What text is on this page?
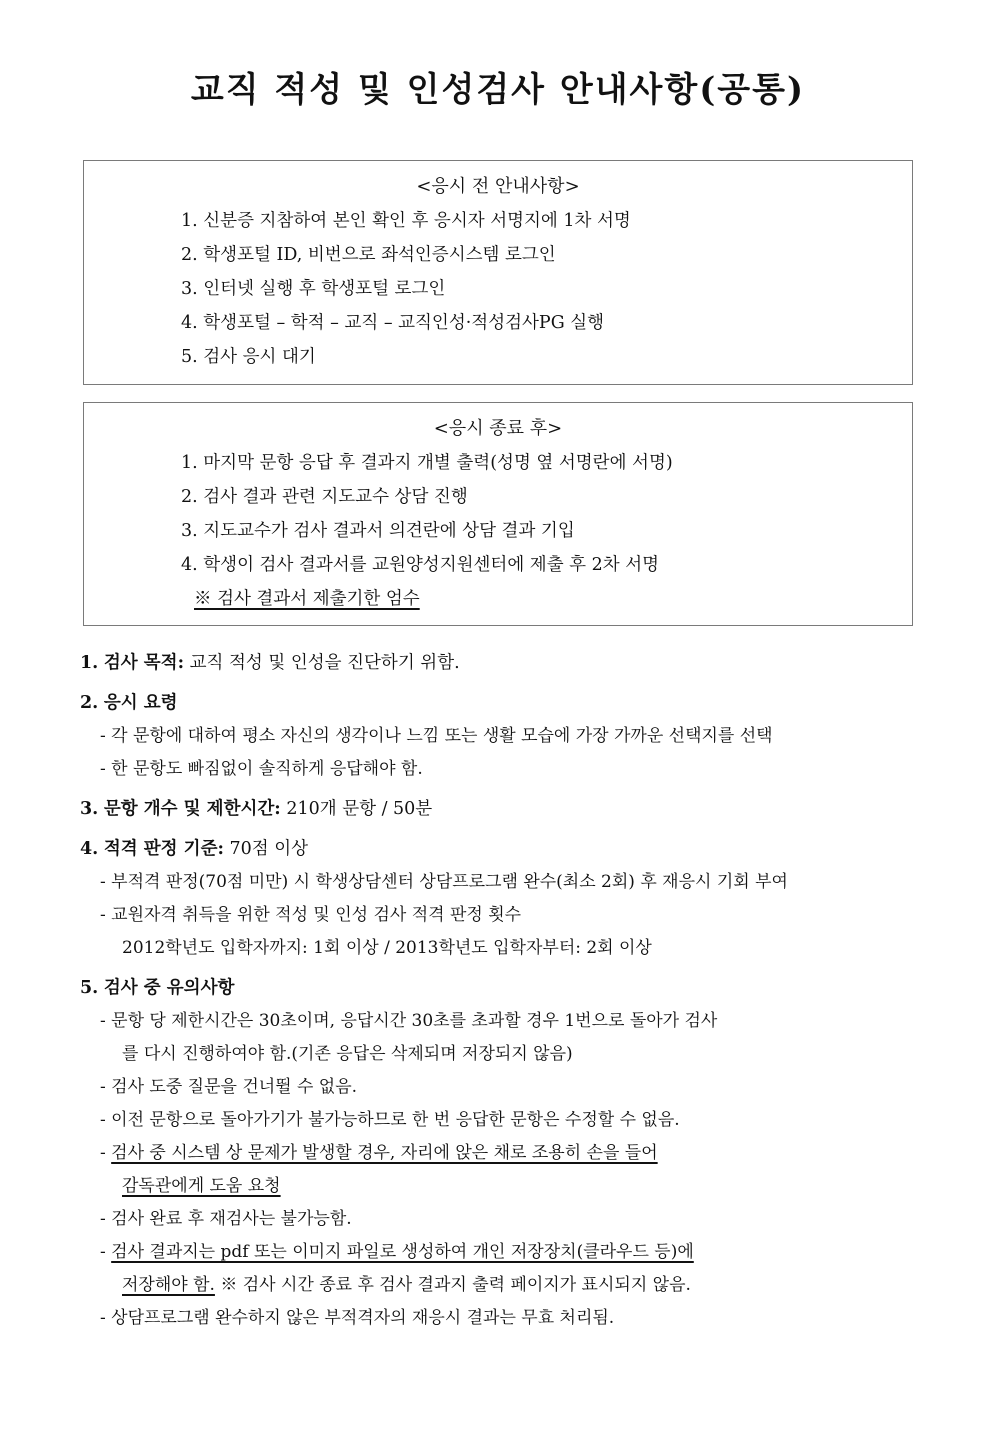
교직 적성 및 인성검사 안내사항(공통)
<응시 전 안내사항>
1. 신분증 지참하여 본인 확인 후 응시자 서명지에 1차 서명
2. 학생포털 ID, 비번으로 좌석인증시스템 로그인
3. 인터넷 실행 후 학생포털 로그인
4. 학생포털 – 학적 – 교직 – 교직인성·적성검사PG 실행
5. 검사 응시 대기
<응시 종료 후>
1. 마지막 문항 응답 후 결과지 개별 출력(성명 옆 서명란에 서명)
2. 검사 결과 관련 지도교수 상담 진행
3. 지도교수가 검사 결과서 의견란에 상담 결과 기입
4. 학생이 검사 결과서를 교원양성지원센터에 제출 후 2차 서명
※ 검사 결과서 제출기한 엄수
1. 검사 목적: 교직 적성 및 인성을 진단하기 위함.
2. 응시 요령
- 각 문항에 대하여 평소 자신의 생각이나 느낌 또는 생활 모습에 가장 가까운 선택지를 선택
- 한 문항도 빠짐없이 솔직하게 응답해야 함.
3. 문항 개수 및 제한시간: 210개 문항 / 50분
4. 적격 판정 기준: 70점 이상
- 부적격 판정(70점 미만) 시 학생상담센터 상담프로그램 완수(최소 2회) 후 재응시 기회 부여
- 교원자격 취득을 위한 적성 및 인성 검사 적격 판정 횟수
2012학년도 입학자까지: 1회 이상 / 2013학년도 입학자부터: 2회 이상
5. 검사 중 유의사항
- 문항 당 제한시간은 30초이며, 응답시간 30초를 초과할 경우 1번으로 돌아가 검사
를 다시 진행하여야 함.(기존 응답은 삭제되며 저장되지 않음)
- 검사 도중 질문을 건너뛸 수 없음.
- 이전 문항으로 돌아가기가 불가능하므로 한 번 응답한 문항은 수정할 수 없음.
- 검사 중 시스템 상 문제가 발생할 경우, 자리에 앉은 채로 조용히 손을 들어
감독관에게 도움 요청
- 검사 완료 후 재검사는 불가능함.
- 검사 결과지는 pdf 또는 이미지 파일로 생성하여 개인 저장장치(클라우드 등)에
저장해야 함. ※ 검사 시간 종료 후 검사 결과지 출력 페이지가 표시되지 않음.
- 상담프로그램 완수하지 않은 부적격자의 재응시 결과는 무효 처리됨.
